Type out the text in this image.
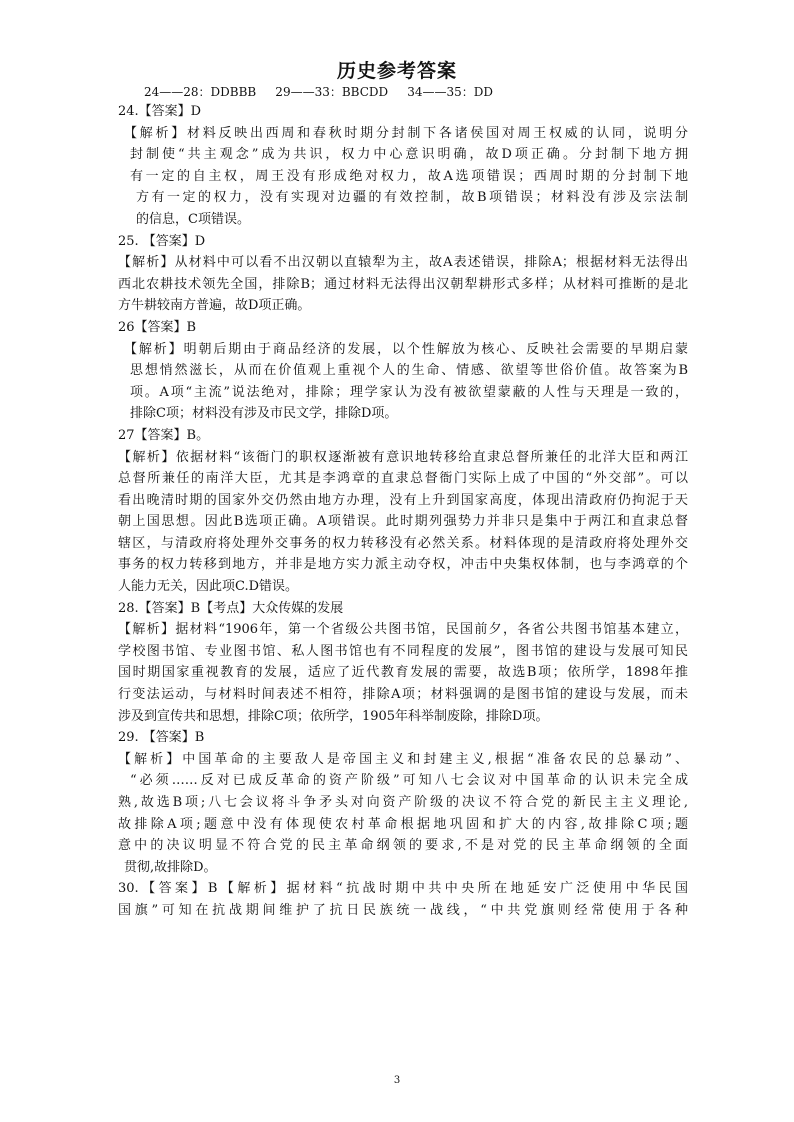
历史参考答案
24——28：DDBBB     29——33：BBCDD     34——35：DD
24.【答案】D
【解析】材料反映出西周和春秋时期分封制下各诸侯国对周王权威的认同，说明分
封制使“共主观念”成为共识，权力中心意识明确，故D项正确。分封制下地方拥
有一定的自主权，周王没有形成绝对权力，故A选项错误；西周时期的分封制下地
方有一定的权力，没有实现对边疆的有效控制，故B项错误；材料没有涉及宗法制
的信息，C项错误。
25. 【答案】D
【解析】从材料中可以看不出汉朝以直辕犁为主，故A表述错误，排除A；根据材料无法得出
西北农耕技术领先全国，排除B；通过材料无法得出汉朝犁耕形式多样；从材料可推断的是北
方牛耕较南方普遍，故D项正确。
26【答案】B
【解析】明朝后期由于商品经济的发展，以个性解放为核心、反映社会需要的早期启蒙
思想悄然滋长，从而在价值观上重视个人的生命、情感、欲望等世俗价值。故答案为B
项。A项“主流”说法绝对，排除；理学家认为没有被欲望蒙蔽的人性与天理是一致的，
排除C项；材料没有涉及市民文学，排除D项。
27【答案】B。
【解析】依据材料“该衙门的职权逐渐被有意识地转移给直隶总督所兼任的北洋大臣和两江
总督所兼任的南洋大臣，尤其是李鸿章的直隶总督衙门实际上成了中国的“外交部”。可以
看出晚清时期的国家外交仍然由地方办理，没有上升到国家高度，体现出清政府仍拘泥于天
朝上国思想。因此B选项正确。A项错误。此时期列强势力并非只是集中于两江和直隶总督
辖区，与清政府将处理外交事务的权力转移没有必然关系。材料体现的是清政府将处理外交
事务的权力转移到地方，并非是地方实力派主动夺权，冲击中央集权体制，也与李鸿章的个
人能力无关，因此项C.D错误。
28.【答案】B【考点】大众传媒的发展
【解析】据材料“1906年，第一个省级公共图书馆，民国前夕，各省公共图书馆基本建立，
学校图书馆、专业图书馆、私人图书馆也有不同程度的发展”，图书馆的建设与发展可知民
国时期国家重视教育的发展，适应了近代教育发展的需要，故选B项；依所学，1898年推
行变法运动，与材料时间表述不相符，排除A项；材料强调的是图书馆的建设与发展，而未
涉及到宣传共和思想，排除C项；依所学，1905年科举制废除，排除D项。
29. 【答案】B
【解析】中国革命的主要敌人是帝国主义和封建主义,根据“准备农民的总暴动”、
“必须……反对已成反革命的资产阶级”可知八七会议对中国革命的认识未完全成
熟,故选B项;八七会议将斗争矛头对向资产阶级的决议不符合党的新民主主义理论,
故排除A项;题意中没有体现使农村革命根据地巩固和扩大的内容,故排除C项;题
意中的决议明显不符合党的民主革命纲领的要求,不是对党的民主革命纲领的全面
贯彻,故排除D。
30.【答案】B【解析】据材料“抗战时期中共中央所在地延安广泛使用中华民国
国旗”可知在抗战期间维护了抗日民族统一战线，“中共党旗则经常使用于各种
3
